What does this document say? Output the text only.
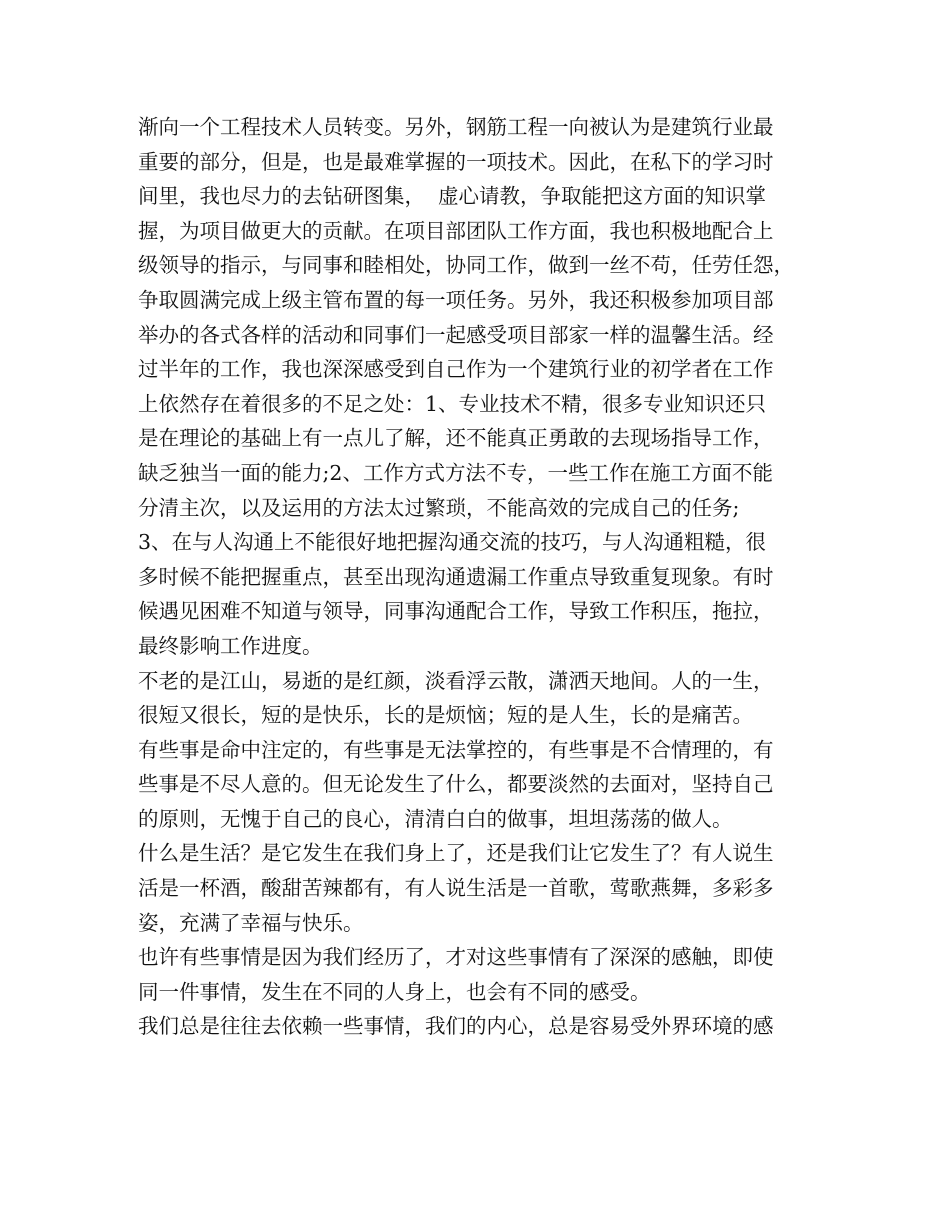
渐向一个工程技术人员转变。另外，钢筋工程一向被认为是建筑行业最
重要的部分，但是，也是最难掌握的一项技术。因此，在私下的学习时
间里，我也尽力的去钻研图集，  虚心请教，争取能把这方面的知识掌
握，为项目做更大的贡献。在项目部团队工作方面，我也积极地配合上
级领导的指示，与同事和睦相处，协同工作，做到一丝不苟，任劳任怨，
争取圆满完成上级主管布置的每一项任务。另外，我还积极参加项目部
举办的各式各样的活动和同事们一起感受项目部家一样的温馨生活。经
过半年的工作，我也深深感受到自己作为一个建筑行业的初学者在工作
上依然存在着很多的不足之处：1、专业技术不精，很多专业知识还只
是在理论的基础上有一点儿了解，还不能真正勇敢的去现场指导工作，
缺乏独当一面的能力;2、工作方式方法不专，一些工作在施工方面不能
分清主次，以及运用的方法太过繁琐，不能高效的完成自己的任务;
3、在与人沟通上不能很好地把握沟通交流的技巧，与人沟通粗糙，很
多时候不能把握重点，甚至出现沟通遗漏工作重点导致重复现象。有时
候遇见困难不知道与领导，同事沟通配合工作，导致工作积压，拖拉，
最终影响工作进度。
不老的是江山，易逝的是红颜，淡看浮云散，潇洒天地间。人的一生，
很短又很长，短的是快乐，长的是烦恼；短的是人生，长的是痛苦。
有些事是命中注定的，有些事是无法掌控的，有些事是不合情理的，有
些事是不尽人意的。但无论发生了什么，都要淡然的去面对，坚持自己
的原则，无愧于自己的良心，清清白白的做事，坦坦荡荡的做人。
什么是生活？是它发生在我们身上了，还是我们让它发生了？有人说生
活是一杯酒，酸甜苦辣都有，有人说生活是一首歌，莺歌燕舞，多彩多
姿，充满了幸福与快乐。
也许有些事情是因为我们经历了，才对这些事情有了深深的感触，即使
同一件事情，发生在不同的人身上，也会有不同的感受。
我们总是往往去依赖一些事情，我们的内心，总是容易受外界环境的感
